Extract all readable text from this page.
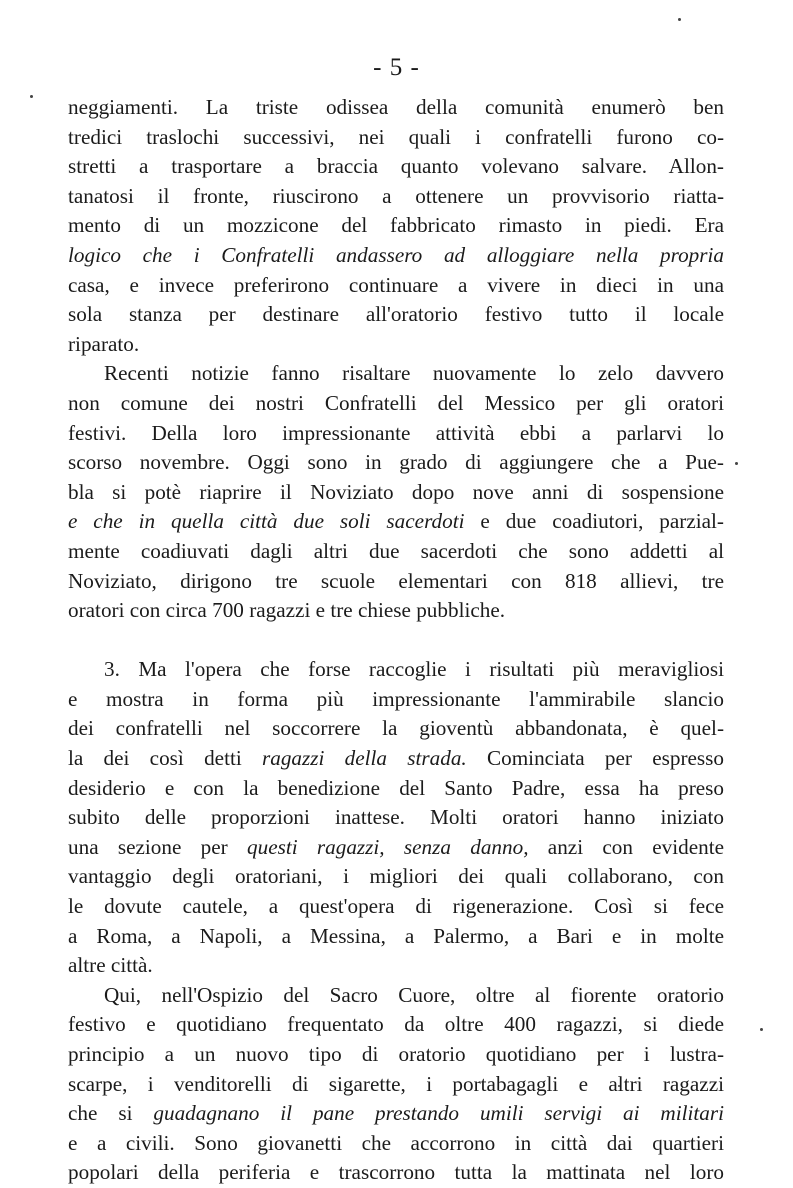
- 5 -
neggiamenti. La triste odissea della comunità enumerò ben
tredici traslochi successivi, nei quali i confratelli furono co-
stretti a trasportare a braccia quanto volevano salvare. Allon-
tanatosi il fronte, riuscirono a ottenere un provvisorio riatta-
mento di un mozzicone del fabbricato rimasto in piedi. Era
logico che i Confratelli andassero ad alloggiare nella propria
casa, e invece preferirono continuare a vivere in dieci in una
sola stanza per destinare all'oratorio festivo tutto il locale
riparato.
Recenti notizie fanno risaltare nuovamente lo zelo davvero
non comune dei nostri Confratelli del Messico per gli oratori
festivi. Della loro impressionante attività ebbi a parlarvi lo
scorso novembre. Oggi sono in grado di aggiungere che a Pue-
bla si potè riaprire il Noviziato dopo nove anni di sospensione
e che in quella città due soli sacerdoti e due coadiutori, parzial-
mente coadiuvati dagli altri due sacerdoti che sono addetti al
Noviziato, dirigono tre scuole elementari con 818 allievi, tre
oratori con circa 700 ragazzi e tre chiese pubbliche.
3. Ma l'opera che forse raccoglie i risultati più meravigliosi
e mostra in forma più impressionante l'ammirabile slancio
dei confratelli nel soccorrere la gioventù abbandonata, è quel-
la dei così detti ragazzi della strada. Cominciata per espresso
desiderio e con la benedizione del Santo Padre, essa ha preso
subito delle proporzioni inattese. Molti oratori hanno iniziato
una sezione per questi ragazzi, senza danno, anzi con evidente
vantaggio degli oratoriani, i migliori dei quali collaborano, con
le dovute cautele, a quest'opera di rigenerazione. Così si fece
a Roma, a Napoli, a Messina, a Palermo, a Bari e in molte
altre città.
Qui, nell'Ospizio del Sacro Cuore, oltre al fiorente oratorio
festivo e quotidiano frequentato da oltre 400 ragazzi, si diede
principio a un nuovo tipo di oratorio quotidiano per i lustra-
scarpe, i venditorelli di sigarette, i portabagagli e altri ragazzi
che si guadagnano il pane prestando umili servigi ai militari
e a civili. Sono giovanetti che accorrono in città dai quartieri
popolari della periferia e trascorrono tutta la mattinata nel loro
